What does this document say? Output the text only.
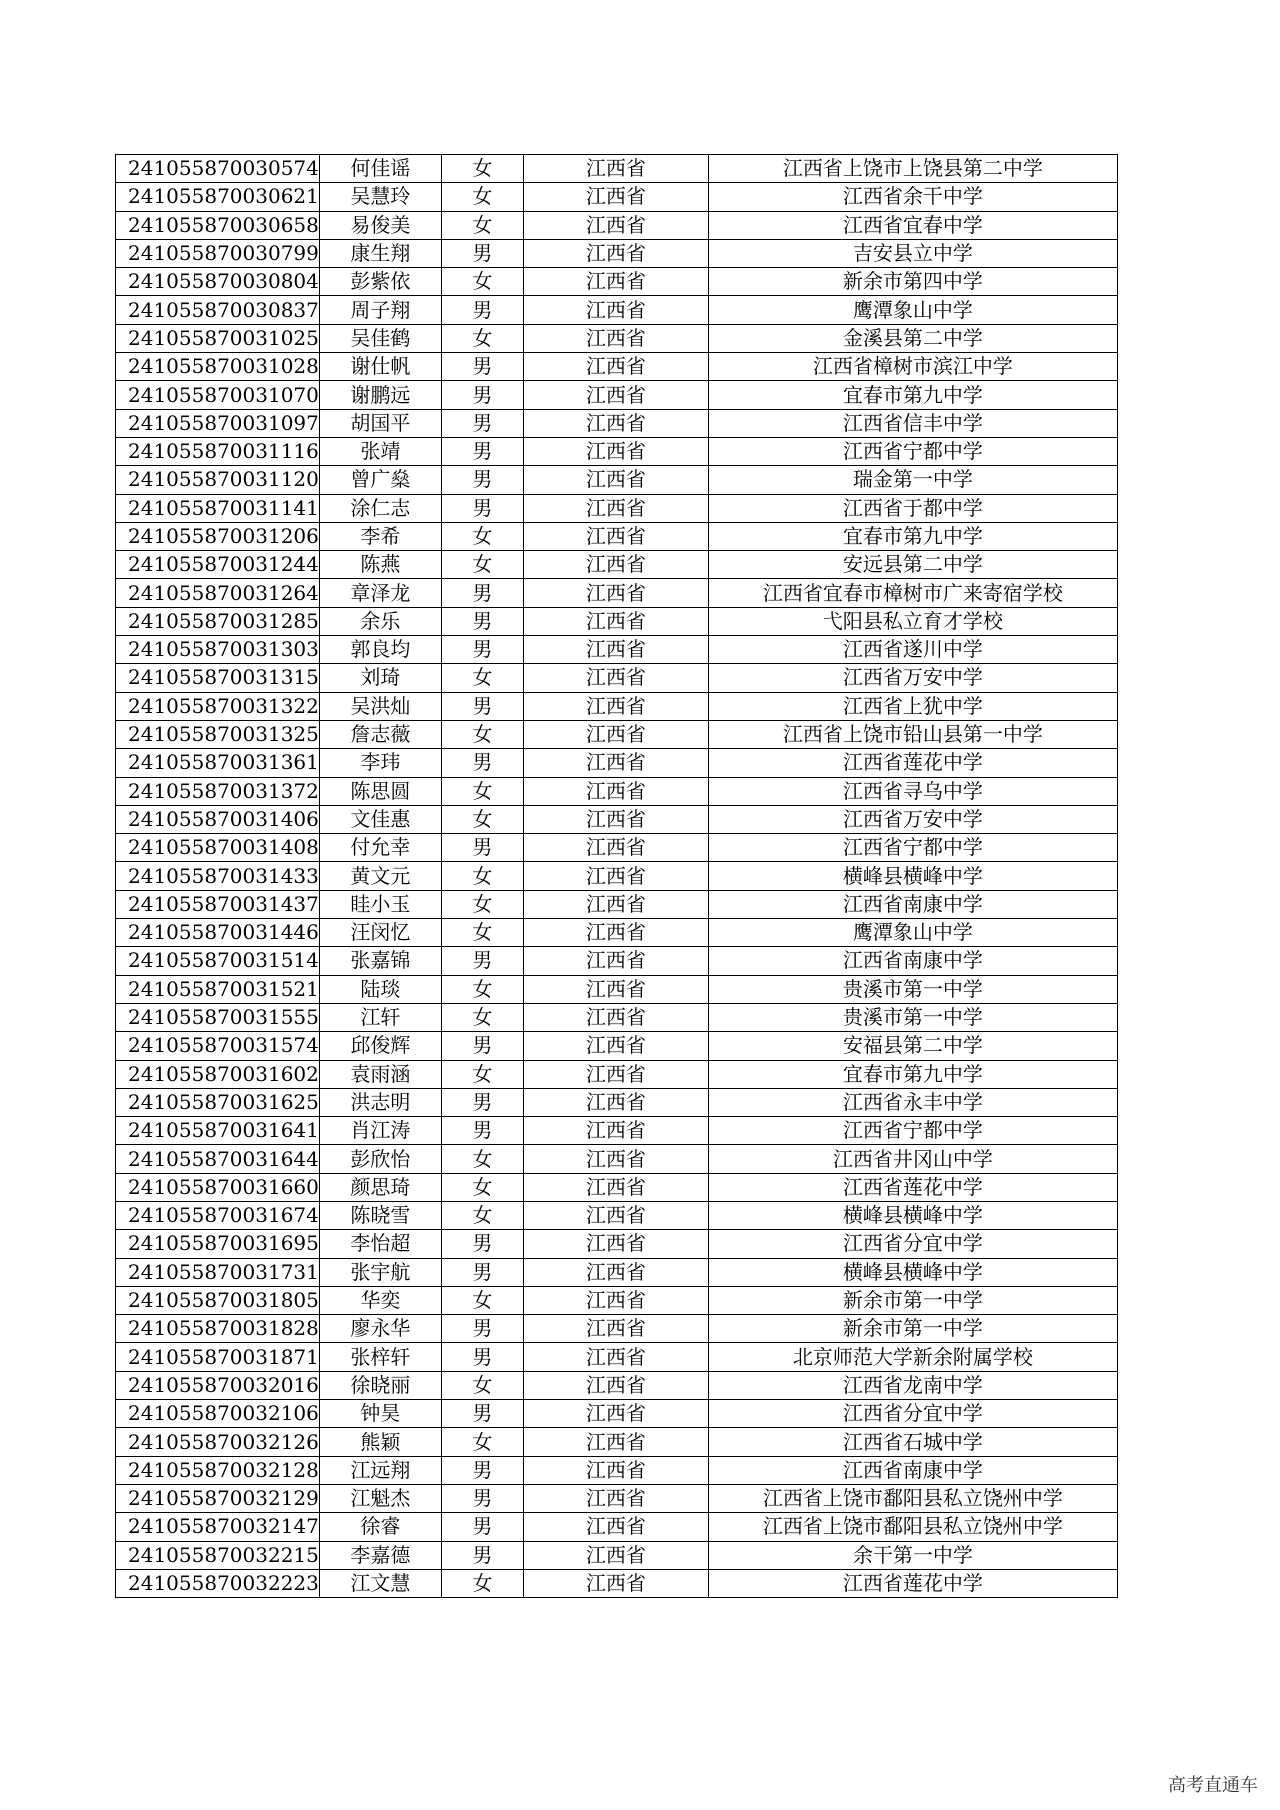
241055870030574	何佳谣	女	江西省	江西省上饶市上饶县第二中学
241055870030621	吴慧玲	女	江西省	江西省余干中学
241055870030658	易俊美	女	江西省	江西省宜春中学
241055870030799	康生翔	男	江西省	吉安县立中学
241055870030804	彭紫依	女	江西省	新余市第四中学
241055870030837	周子翔	男	江西省	鹰潭象山中学
241055870031025	吴佳鹤	女	江西省	金溪县第二中学
241055870031028	谢仕帆	男	江西省	江西省樟树市滨江中学
241055870031070	谢鹏远	男	江西省	宜春市第九中学
241055870031097	胡国平	男	江西省	江西省信丰中学
241055870031116	张靖	男	江西省	江西省宁都中学
241055870031120	曾广燊	男	江西省	瑞金第一中学
241055870031141	涂仁志	男	江西省	江西省于都中学
241055870031206	李希	女	江西省	宜春市第九中学
241055870031244	陈燕	女	江西省	安远县第二中学
241055870031264	章泽龙	男	江西省	江西省宜春市樟树市广来寄宿学校
241055870031285	余乐	男	江西省	弋阳县私立育才学校
241055870031303	郭良均	男	江西省	江西省遂川中学
241055870031315	刘琦	女	江西省	江西省万安中学
241055870031322	吴洪灿	男	江西省	江西省上犹中学
241055870031325	詹志薇	女	江西省	江西省上饶市铅山县第一中学
241055870031361	李玮	男	江西省	江西省莲花中学
241055870031372	陈思圆	女	江西省	江西省寻乌中学
241055870031406	文佳惠	女	江西省	江西省万安中学
241055870031408	付允幸	男	江西省	江西省宁都中学
241055870031433	黄文元	女	江西省	横峰县横峰中学
241055870031437	眭小玉	女	江西省	江西省南康中学
241055870031446	汪闵忆	女	江西省	鹰潭象山中学
241055870031514	张嘉锦	男	江西省	江西省南康中学
241055870031521	陆琰	女	江西省	贵溪市第一中学
241055870031555	江轩	女	江西省	贵溪市第一中学
241055870031574	邱俊辉	男	江西省	安福县第二中学
241055870031602	袁雨涵	女	江西省	宜春市第九中学
241055870031625	洪志明	男	江西省	江西省永丰中学
241055870031641	肖江涛	男	江西省	江西省宁都中学
241055870031644	彭欣怡	女	江西省	江西省井冈山中学
241055870031660	颜思琦	女	江西省	江西省莲花中学
241055870031674	陈晓雪	女	江西省	横峰县横峰中学
241055870031695	李怡超	男	江西省	江西省分宜中学
241055870031731	张宇航	男	江西省	横峰县横峰中学
241055870031805	华奕	女	江西省	新余市第一中学
241055870031828	廖永华	男	江西省	新余市第一中学
241055870031871	张梓轩	男	江西省	北京师范大学新余附属学校
241055870032016	徐晓丽	女	江西省	江西省龙南中学
241055870032106	钟昊	男	江西省	江西省分宜中学
241055870032126	熊颖	女	江西省	江西省石城中学
241055870032128	江远翔	男	江西省	江西省南康中学
241055870032129	江魁杰	男	江西省	江西省上饶市鄱阳县私立饶州中学
241055870032147	徐睿	男	江西省	江西省上饶市鄱阳县私立饶州中学
241055870032215	李嘉德	男	江西省	余干第一中学
241055870032223	江文慧	女	江西省	江西省莲花中学
高考直通车
